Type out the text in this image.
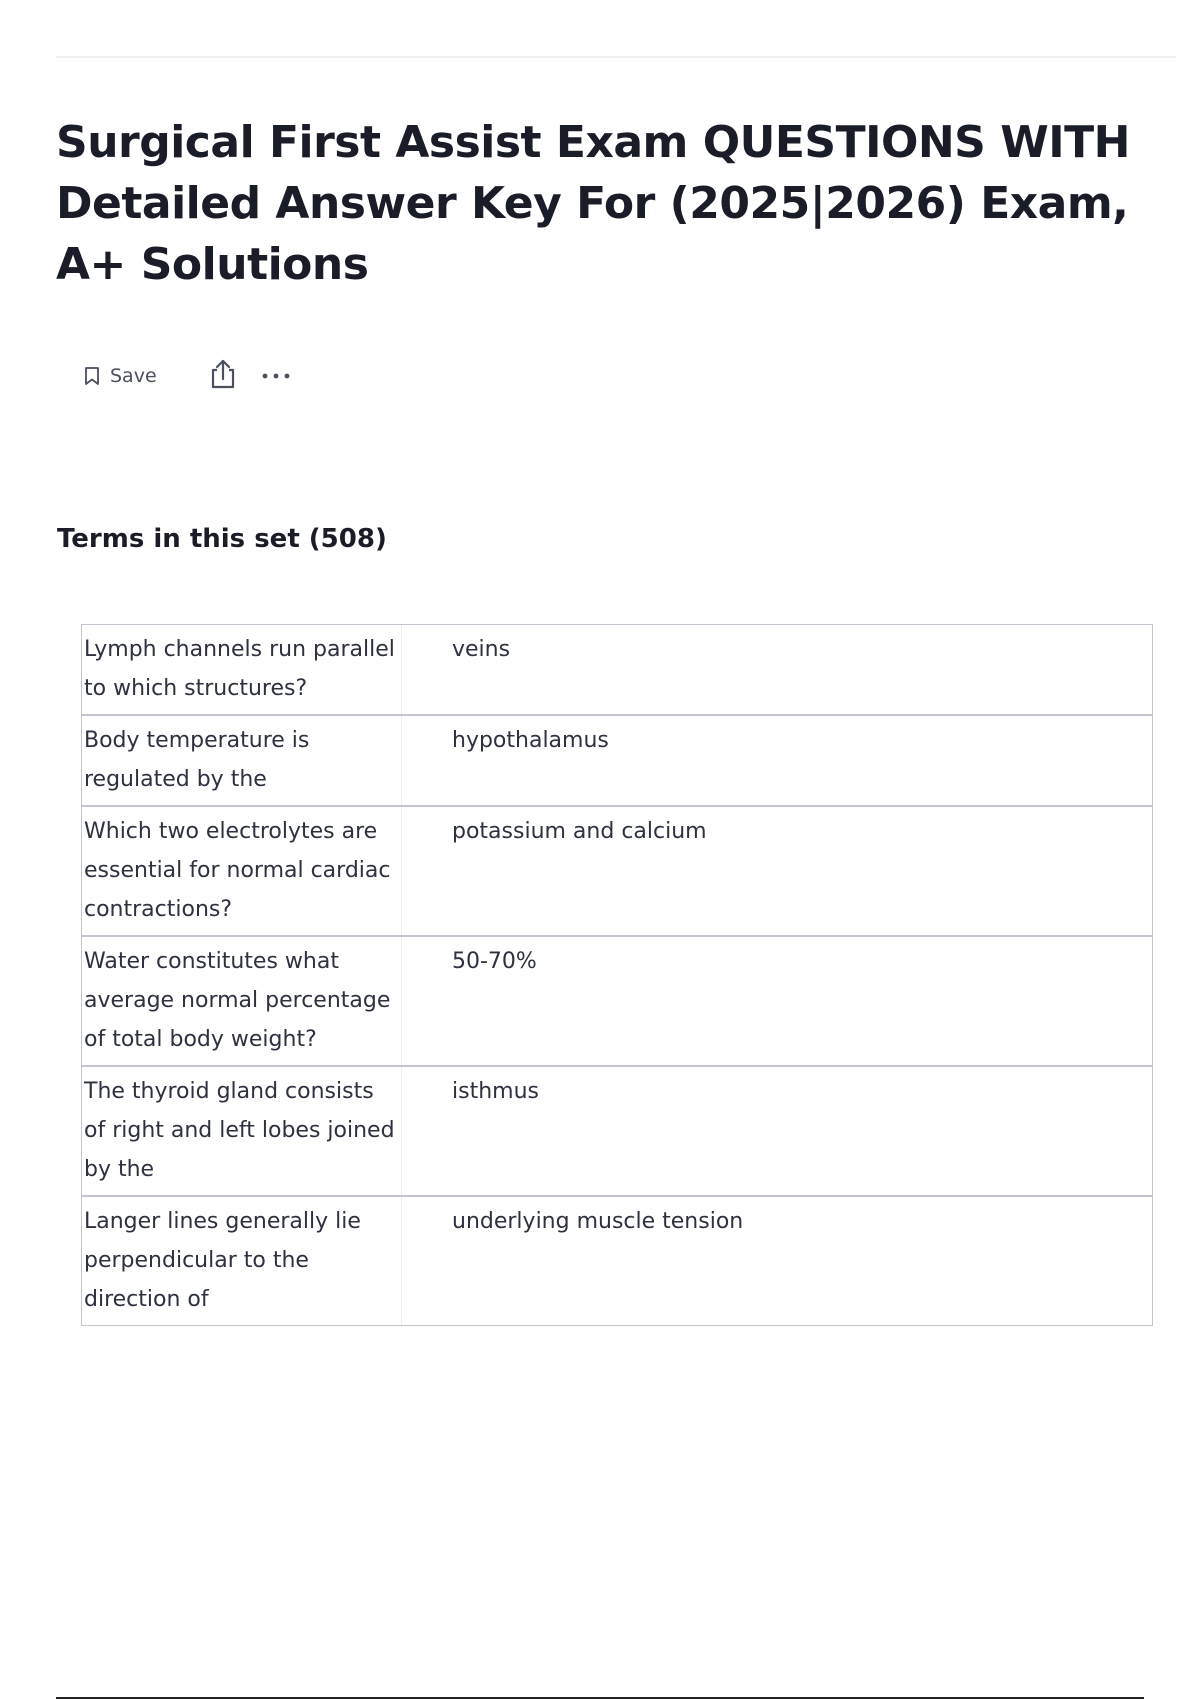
Surgical First Assist Exam QUESTIONS WITH Detailed Answer Key For (2025|2026) Exam, A+ Solutions
Save
Terms in this set (508)
Lymph channels run parallel to which structures?
veins
Body temperature is regulated by the
hypothalamus
Which two electrolytes are essential for normal cardiac contractions?
potassium and calcium
Water constitutes what average normal percentage of total body weight?
50-70%
The thyroid gland consists of right and left lobes joined by the
isthmus
Langer lines generally lie perpendicular to the direction of
underlying muscle tension
